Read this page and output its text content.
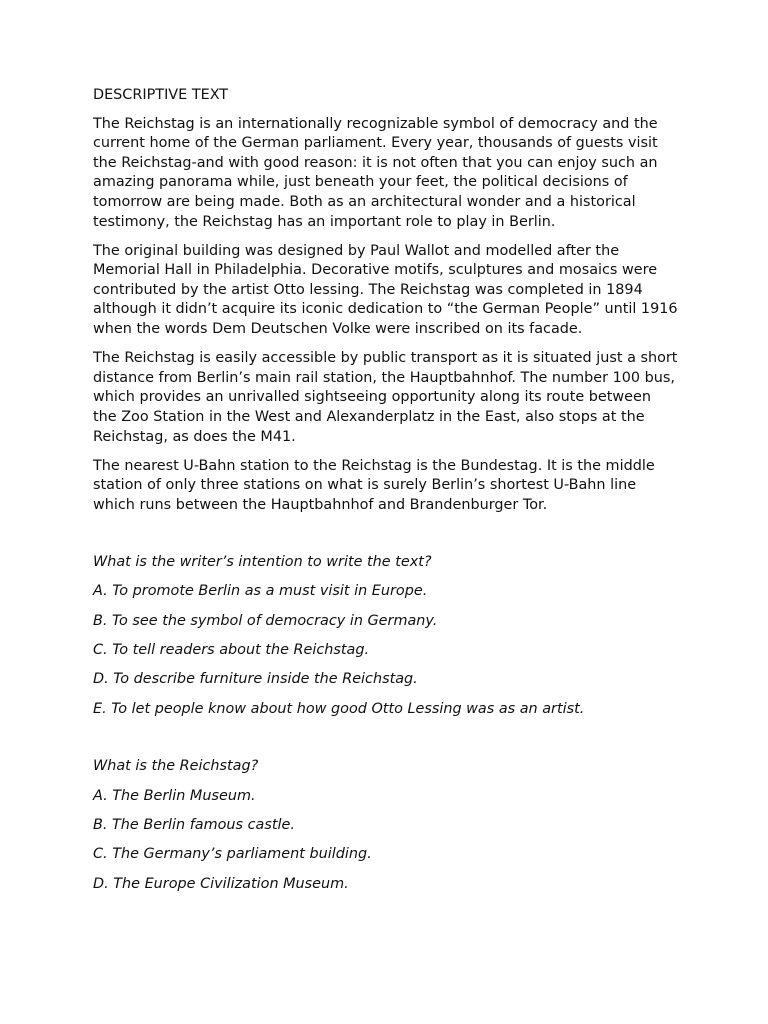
DESCRIPTIVE TEXT

The Reichstag is an internationally recognizable symbol of democracy and the current home of the German parliament. Every year, thousands of guests visit the Reichstag-and with good reason: it is not often that you can enjoy such an amazing panorama while, just beneath your feet, the political decisions of tomorrow are being made. Both as an architectural wonder and a historical testimony, the Reichstag has an important role to play in Berlin.

The original building was designed by Paul Wallot and modelled after the Memorial Hall in Philadelphia. Decorative motifs, sculptures and mosaics were contributed by the artist Otto lessing. The Reichstag was completed in 1894 although it didn’t acquire its iconic dedication to “the German People” until 1916 when the words Dem Deutschen Volke were inscribed on its facade.

The Reichstag is easily accessible by public transport as it is situated just a short distance from Berlin’s main rail station, the Hauptbahnhof. The number 100 bus, which provides an unrivalled sightseeing opportunity along its route between the Zoo Station in the West and Alexanderplatz in the East, also stops at the Reichstag, as does the M41.

The nearest U-Bahn station to the Reichstag is the Bundestag. It is the middle station of only three stations on what is surely Berlin’s shortest U-Bahn line which runs between the Hauptbahnhof and Brandenburger Tor.

What is the writer’s intention to write the text?

A. To promote Berlin as a must visit in Europe.

B. To see the symbol of democracy in Germany.

C. To tell readers about the Reichstag.

D. To describe furniture inside the Reichstag.

E. To let people know about how good Otto Lessing was as an artist.

What is the Reichstag?

A. The Berlin Museum.

B. The Berlin famous castle.

C. The Germany’s parliament building.

D. The Europe Civilization Museum.
